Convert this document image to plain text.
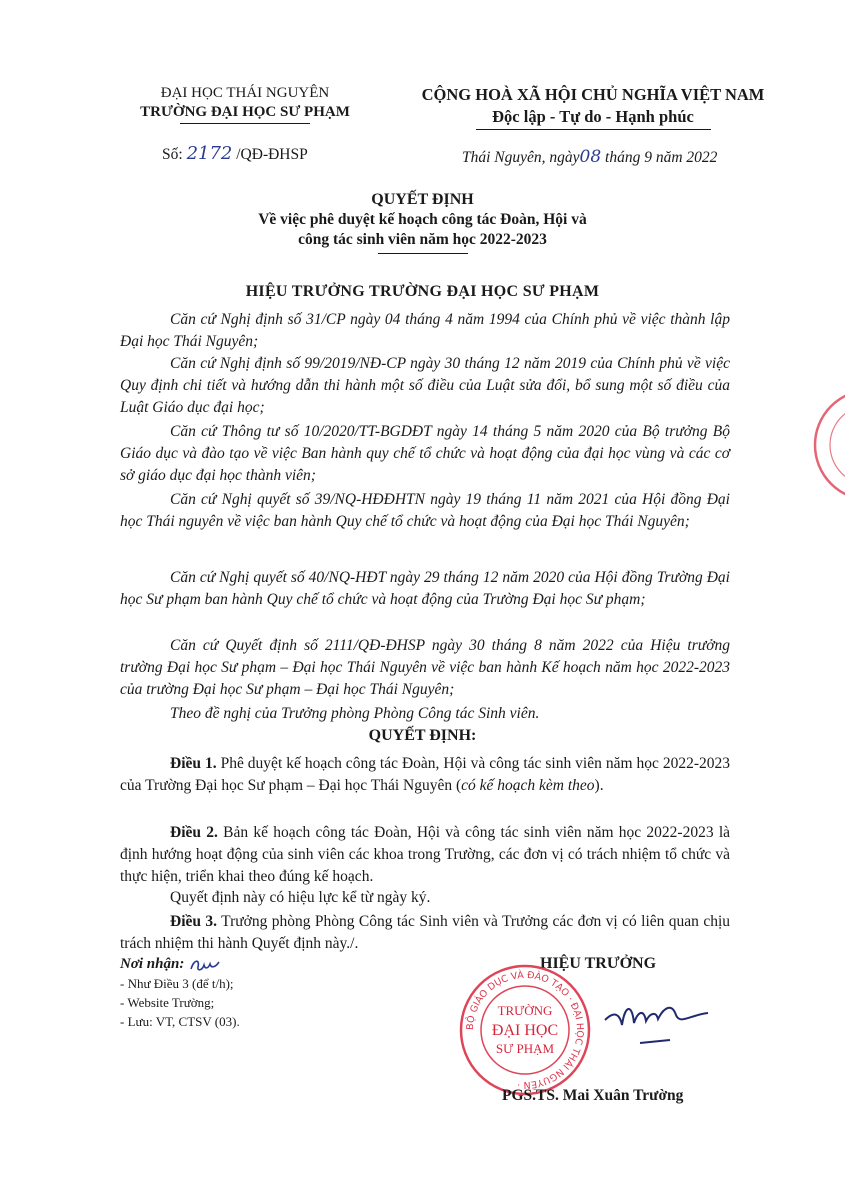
ĐẠI HỌC THÁI NGUYÊN
TRƯỜNG ĐẠI HỌC SƯ PHẠM
CỘNG HOÀ XÃ HỘI CHỦ NGHĨA VIỆT NAM
Độc lập - Tự do - Hạnh phúc
Số: 2172 /QĐ-ĐHSP	Thái Nguyên, ngày08 tháng 9 năm 2022
QUYẾT ĐỊNH
Về việc phê duyệt kế hoạch công tác Đoàn, Hội và
công tác sinh viên năm học 2022-2023
HIỆU TRƯỞNG TRƯỜNG ĐẠI HỌC SƯ PHẠM
Căn cứ Nghị định số 31/CP ngày 04 tháng 4 năm 1994 của Chính phủ về việc thành lập Đại học Thái Nguyên;
Căn cứ Nghị định số 99/2019/NĐ-CP ngày 30 tháng 12 năm 2019 của Chính phủ về việc Quy định chi tiết và hướng dẫn thi hành một số điều của Luật sửa đổi, bổ sung một số điều của Luật Giáo dục đại học;
Căn cứ Thông tư số 10/2020/TT-BGDĐT ngày 14 tháng 5 năm 2020 của Bộ trưởng Bộ Giáo dục và đào tạo về việc Ban hành quy chế tổ chức và hoạt động của đại học vùng và các cơ sở giáo dục đại học thành viên;
Căn cứ Nghị quyết số 39/NQ-HĐĐHTN ngày 19 tháng 11 năm 2021 của Hội đồng Đại học Thái nguyên về việc ban hành Quy chế tổ chức và hoạt động của Đại học Thái Nguyên;
Căn cứ Nghị quyết số 40/NQ-HĐT ngày 29 tháng 12 năm 2020 của Hội đồng Trường Đại học Sư phạm ban hành Quy chế tổ chức và hoạt động của Trường Đại học Sư phạm;
Căn cứ Quyết định số 2111/QĐ-ĐHSP ngày 30 tháng 8 năm 2022 của Hiệu trưởng trường Đại học Sư phạm – Đại học Thái Nguyên về việc ban hành Kế hoạch năm học 2022-2023 của trường Đại học Sư phạm – Đại học Thái Nguyên;
Theo đề nghị của Trưởng phòng Phòng Công tác Sinh viên.
QUYẾT ĐỊNH:
Điều 1. Phê duyệt kế hoạch công tác Đoàn, Hội và công tác sinh viên năm học 2022-2023 của Trường Đại học Sư phạm – Đại học Thái Nguyên (có kế hoạch kèm theo).
Điều 2. Bản kế hoạch công tác Đoàn, Hội và công tác sinh viên năm học 2022-2023 là định hướng hoạt động của sinh viên các khoa trong Trường, các đơn vị có trách nhiệm tổ chức và thực hiện, triển khai theo đúng kế hoạch.
Quyết định này có hiệu lực kể từ ngày ký.
Điều 3. Trưởng phòng Phòng Công tác Sinh viên và Trưởng các đơn vị có liên quan chịu trách nhiệm thi hành Quyết định này./.
Nơi nhận:
- Như Điều 3 (để t/h);
- Website Trường;
- Lưu: VT, CTSV (03).
HIỆU TRƯỞNG
BỘ GIÁO DỤC VÀ ĐÀO TẠO · ĐẠI HỌC THÁI NGUYÊN ·
TRƯỜNG
ĐẠI HỌC
SƯ PHẠM
PGS.TS. Mai Xuân Trường
